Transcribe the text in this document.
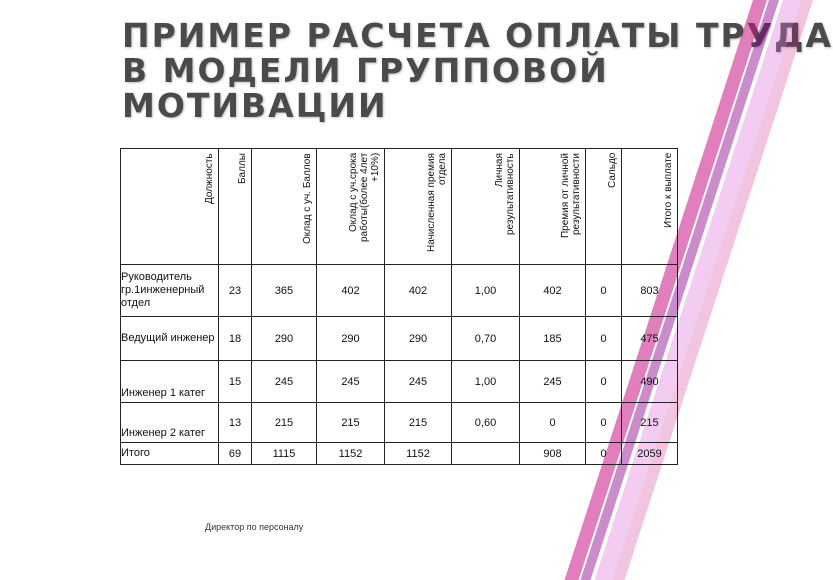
ПРИМЕР РАСЧЕТА ОПЛАТЫ ТРУДА
В МОДЕЛИ ГРУППОВОЙ
МОТИВАЦИИ
Должность	Баллы	Оклад с уч. Баллов	Оклад с уч.срока работы(более 4лет +10%)	Начисленная премия отдела	Личная результативность	Премия от личной результативности	Сальдо	Итого к выплате

Руководитель гр.1инженерный отдел	23	365	402	402	1,00	402	0	803
Ведущий инженер	18	290	290	290	0,70	185	0	475
Инженер 1 катег	15	245	245	245	1,00	245	0	490
Инженер 2 катег	13	215	215	215	0,60	0	0	215
Итого	69	1115	1152	1152		908	0	2059
Директор по персоналу
